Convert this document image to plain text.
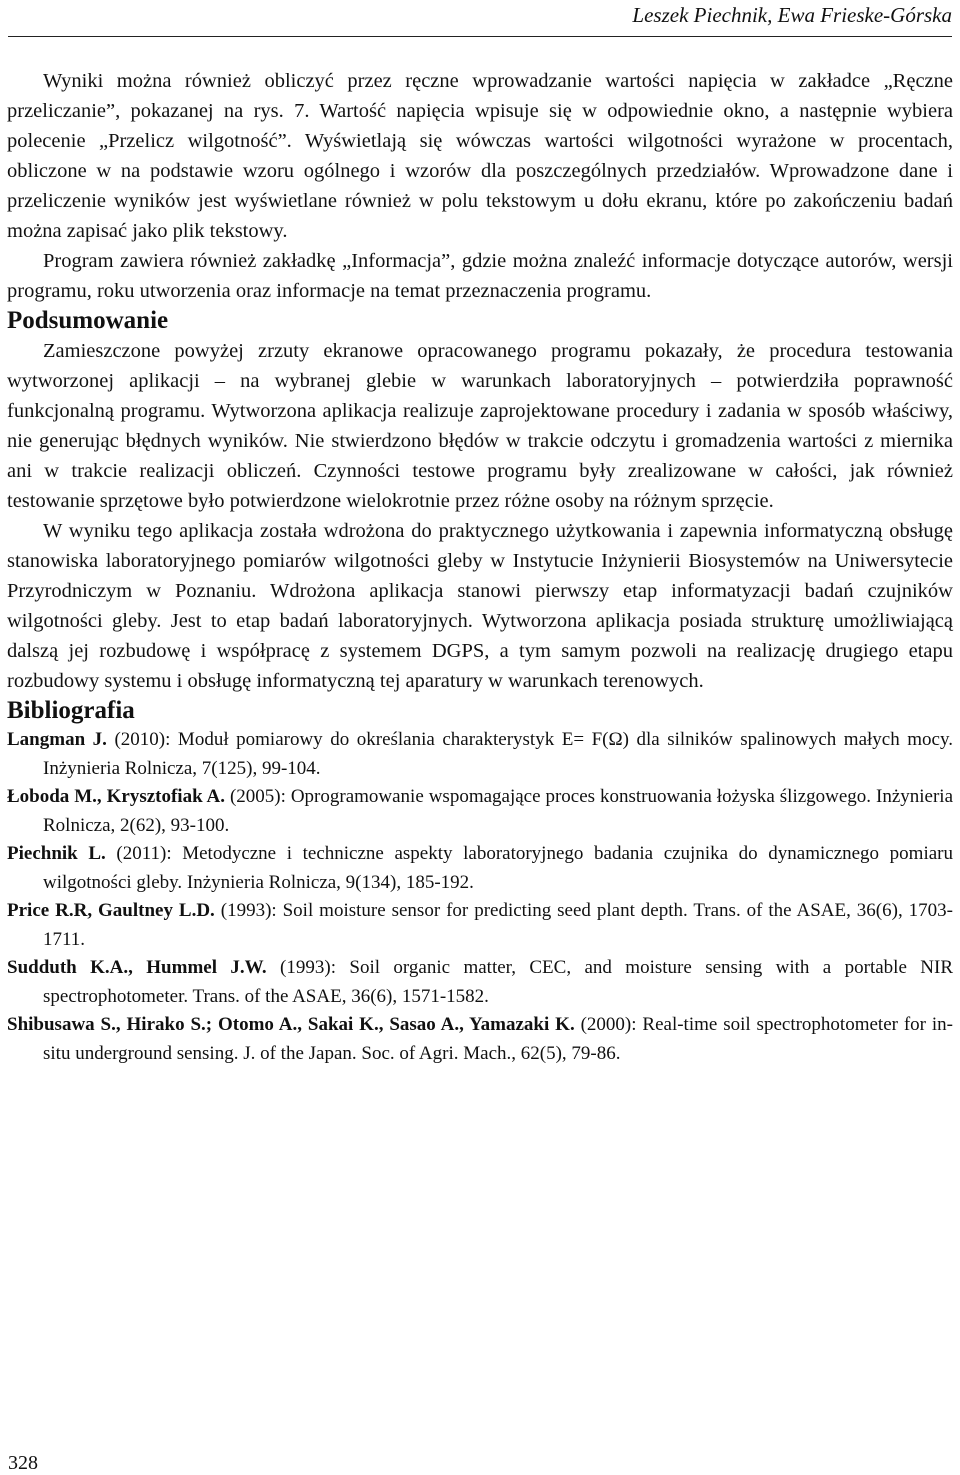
Leszek Piechnik, Ewa Frieske-Górska

Wyniki można również obliczyć przez ręczne wprowadzanie wartości napięcia w zakładce „Ręczne przeliczanie”, pokazanej na rys. 7. Wartość napięcia wpisuje się w odpowiednie okno, a następnie wybiera polecenie „Przelicz wilgotność”. Wyświetlają się wówczas wartości wilgotności wyrażone w procentach, obliczone w na podstawie wzoru ogólnego i wzorów dla poszczególnych przedziałów. Wprowadzone dane i przeliczenie wyników jest wyświetlane również w polu tekstowym u dołu ekranu, które po zakończeniu badań można zapisać jako plik tekstowy.

Program zawiera również zakładkę „Informacja”, gdzie można znaleźć informacje dotyczące autorów, wersji programu, roku utworzenia oraz informacje na temat przeznaczenia programu.

Podsumowanie

Zamieszczone powyżej zrzuty ekranowe opracowanego programu pokazały, że procedura testowania wytworzonej aplikacji – na wybranej glebie w warunkach laboratoryjnych – potwierdziła poprawność funkcjonalną programu. Wytworzona aplikacja realizuje zaprojektowane procedury i zadania w sposób właściwy, nie generując błędnych wyników. Nie stwierdzono błędów w trakcie odczytu i gromadzenia wartości z miernika ani w trakcie realizacji obliczeń. Czynności testowe programu były zrealizowane w całości, jak również testowanie sprzętowe było potwierdzone wielokrotnie przez różne osoby na różnym sprzęcie.

W wyniku tego aplikacja została wdrożona do praktycznego użytkowania i zapewnia informatyczną obsługę stanowiska laboratoryjnego pomiarów wilgotności gleby w Instytucie Inżynierii Biosystemów na Uniwersytecie Przyrodniczym w Poznaniu. Wdrożona aplikacja stanowi pierwszy etap informatyzacji badań czujników wilgotności gleby. Jest to etap badań laboratoryjnych. Wytworzona aplikacja posiada strukturę umożliwiającą dalszą jej rozbudowę i współpracę z systemem DGPS, a tym samym pozwoli na realizację drugiego etapu rozbudowy systemu i obsługę informatyczną tej aparatury w warunkach terenowych.

Bibliografia
Langman J. (2010): Moduł pomiarowy do określania charakterystyk E= F(Ω) dla silników spalinowych małych mocy. Inżynieria Rolnicza, 7(125), 99-104.
Łoboda M., Krysztofiak A. (2005): Oprogramowanie wspomagające proces konstruowania łożyska ślizgowego. Inżynieria Rolnicza, 2(62), 93-100.
Piechnik L. (2011): Metodyczne i techniczne aspekty laboratoryjnego badania czujnika do dynamicznego pomiaru wilgotności gleby. Inżynieria Rolnicza, 9(134), 185-192.
Price R.R, Gaultney L.D. (1993): Soil moisture sensor for predicting seed plant depth. Trans. of the ASAE, 36(6), 1703-1711.
Sudduth K.A., Hummel J.W. (1993): Soil organic matter, CEC, and moisture sensing with a portable NIR spectrophotometer. Trans. of the ASAE, 36(6), 1571-1582.
Shibusawa S., Hirako S.; Otomo A., Sakai K., Sasao A., Yamazaki K. (2000): Real-time soil spectrophotometer for in-situ underground sensing. J. of the Japan. Soc. of Agri. Mach., 62(5), 79-86.
328
